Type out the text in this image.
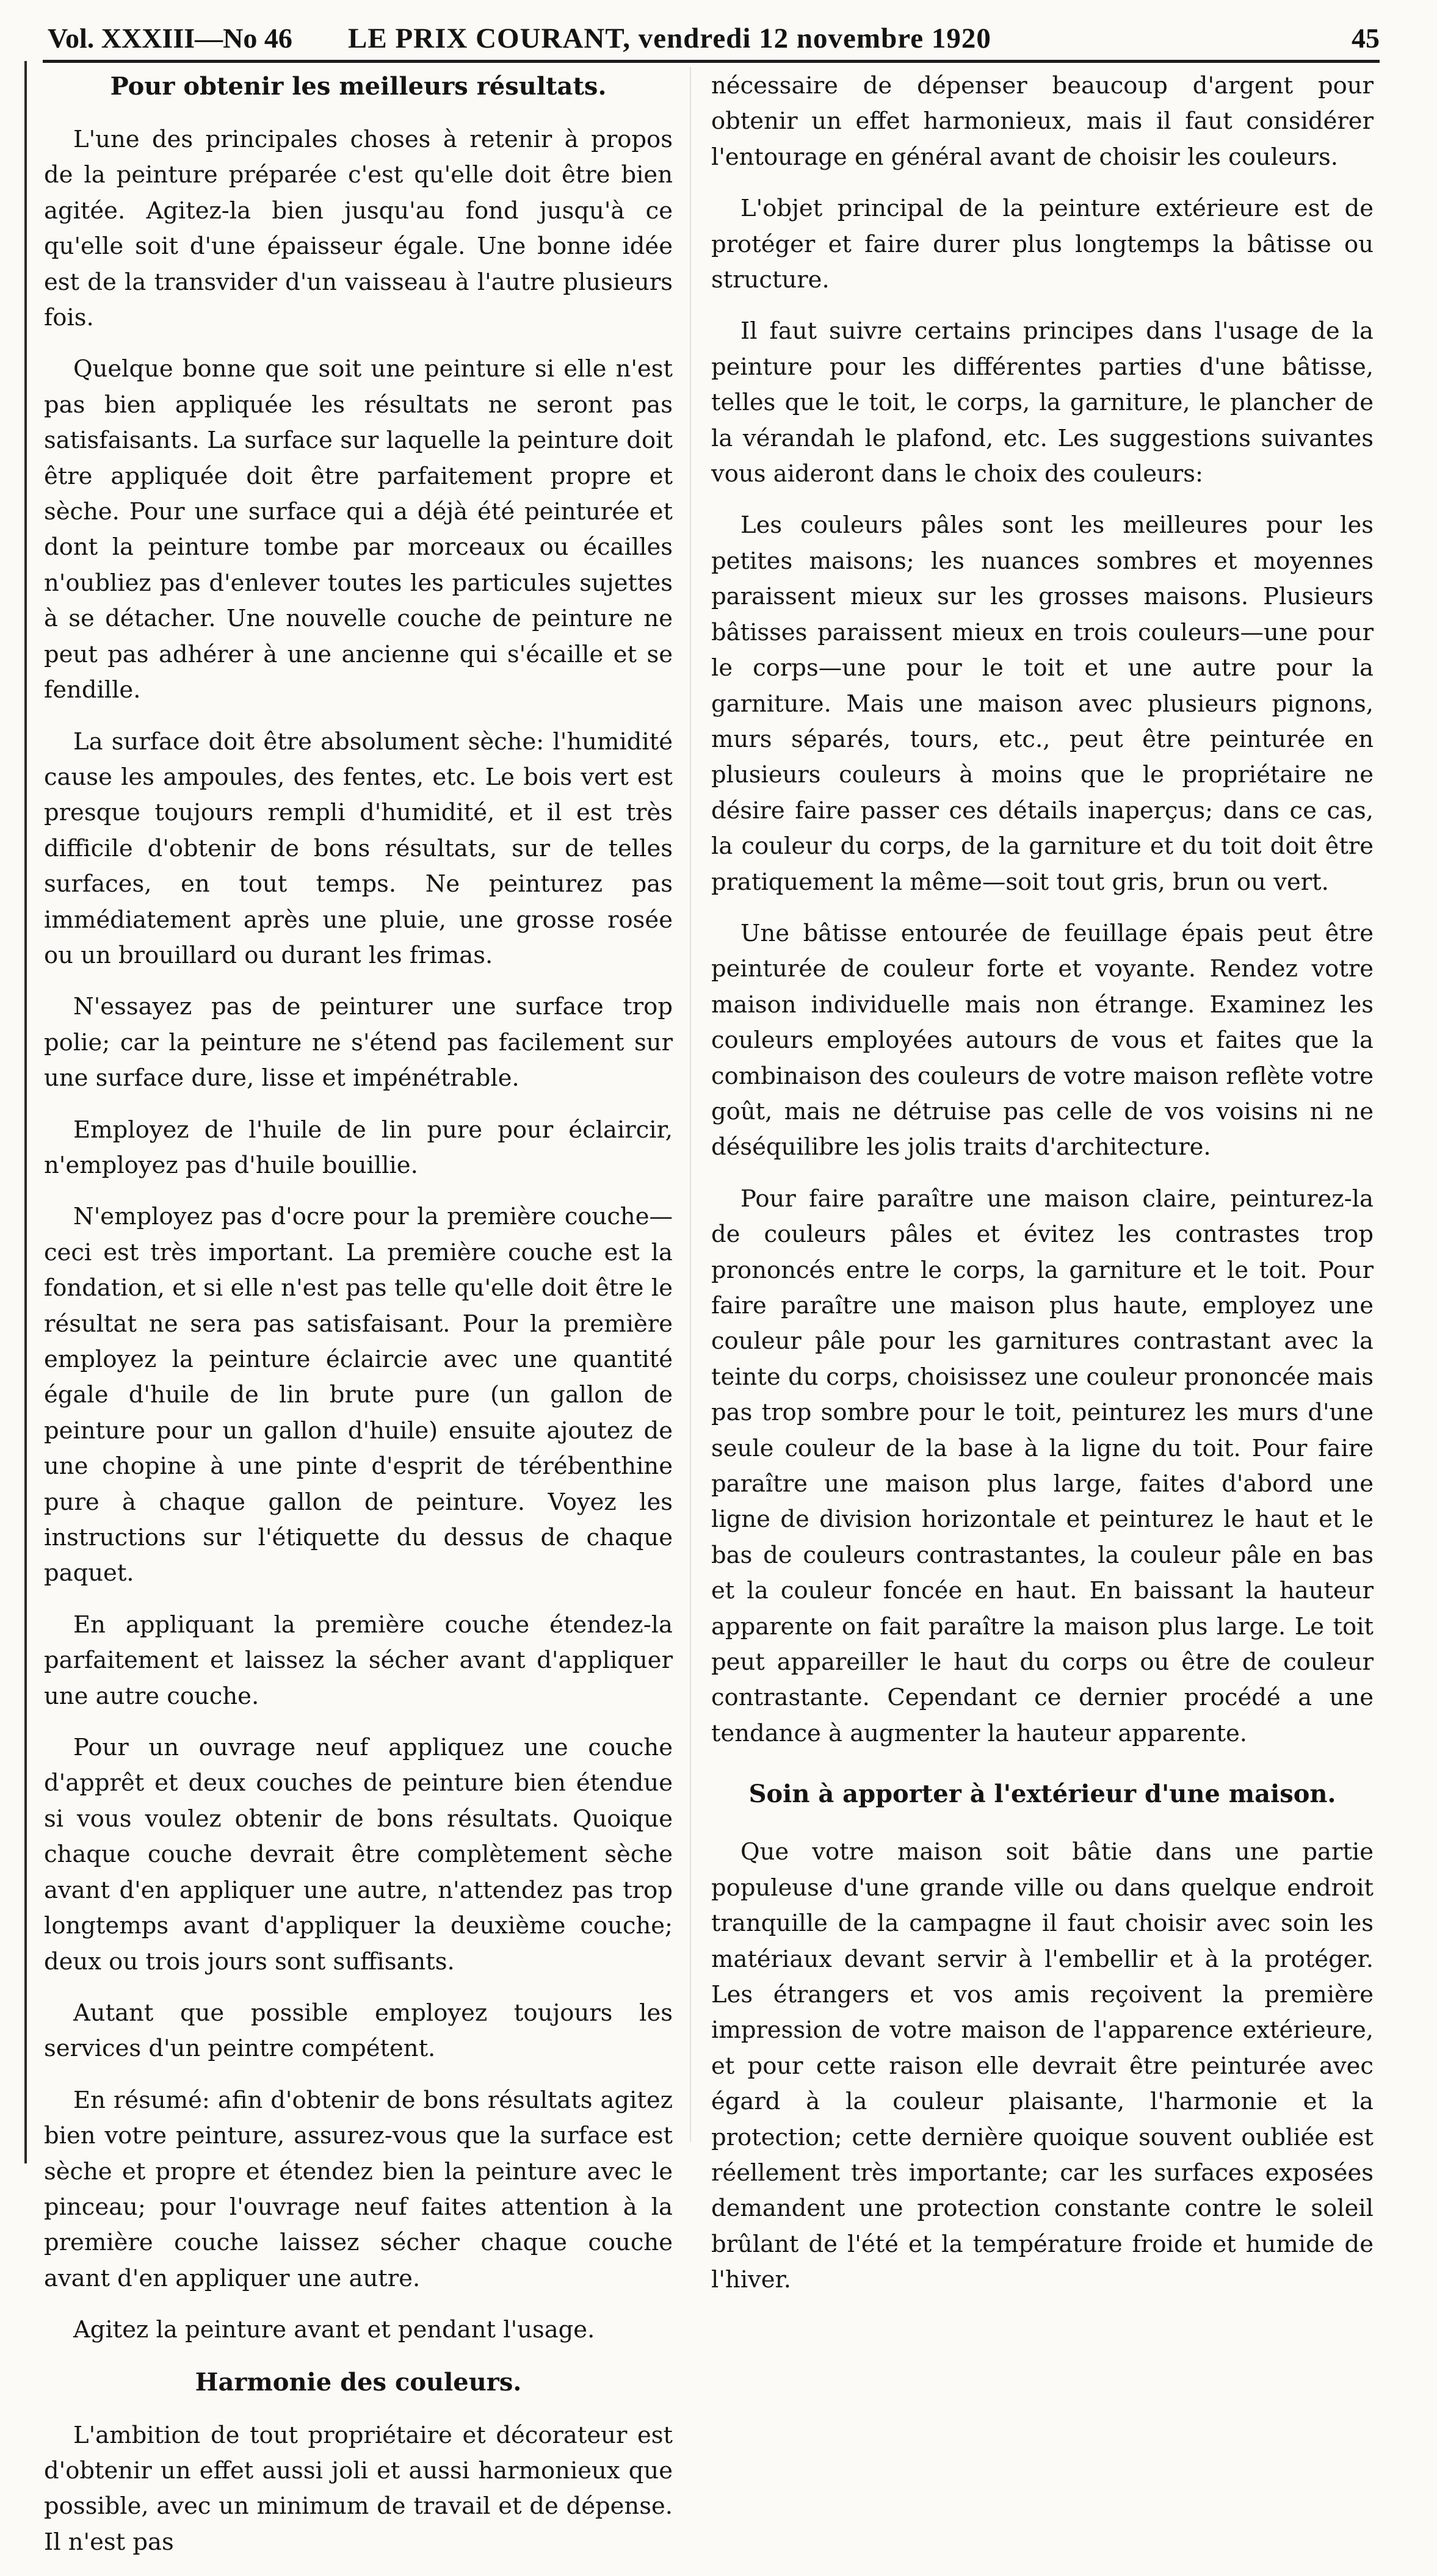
Vol. XXXIII—No 46 LE PRIX COURANT, vendredi 12 novembre 1920	45
Pour obtenir les meilleurs résultats.

L'une des principales choses à retenir à propos de la peinture préparée c'est qu'elle doit être bien agitée. Agitez-la bien jusqu'au fond jusqu'à ce qu'elle soit d'une épaisseur égale. Une bonne idée est de la transvider d'un vaisseau à l'autre plusieurs fois.

Quelque bonne que soit une peinture si elle n'est pas bien appliquée les résultats ne seront pas satisfaisants. La surface sur laquelle la peinture doit être appliquée doit être parfaitement propre et sèche. Pour une surface qui a déjà été peinturée et dont la peinture tombe par morceaux ou écailles n'oubliez pas d'enlever toutes les particules sujettes à se détacher. Une nouvelle couche de peinture ne peut pas adhérer à une ancienne qui s'écaille et se fendille.

La surface doit être absolument sèche: l'humidité cause les ampoules, des fentes, etc. Le bois vert est presque toujours rempli d'humidité, et il est très difficile d'obtenir de bons résultats, sur de telles surfaces, en tout temps. Ne peinturez pas immédiatement après une pluie, une grosse rosée ou un brouillard ou durant les frimas.

N'essayez pas de peinturer une surface trop polie; car la peinture ne s'étend pas facilement sur une surface dure, lisse et impénétrable.

Employez de l'huile de lin pure pour éclaircir, n'employez pas d'huile bouillie.

N'employez pas d'ocre pour la première couche—ceci est très important. La première couche est la fondation, et si elle n'est pas telle qu'elle doit être le résultat ne sera pas satisfaisant. Pour la première employez la peinture éclaircie avec une quantité égale d'huile de lin brute pure (un gallon de peinture pour un gallon d'huile) ensuite ajoutez de une chopine à une pinte d'esprit de térébenthine pure à chaque gallon de peinture. Voyez les instructions sur l'étiquette du dessus de chaque paquet.

En appliquant la première couche étendez-la parfaitement et laissez la sécher avant d'appliquer une autre couche.

Pour un ouvrage neuf appliquez une couche d'apprêt et deux couches de peinture bien étendue si vous voulez obtenir de bons résultats. Quoique chaque couche devrait être complètement sèche avant d'en appliquer une autre, n'attendez pas trop longtemps avant d'appliquer la deuxième couche; deux ou trois jours sont suffisants.

Autant que possible employez toujours les services d'un peintre compétent.

En résumé: afin d'obtenir de bons résultats agitez bien votre peinture, assurez-vous que la surface est sèche et propre et étendez bien la peinture avec le pinceau; pour l'ouvrage neuf faites attention à la première couche laissez sécher chaque couche avant d'en appliquer une autre.

Agitez la peinture avant et pendant l'usage.

Harmonie des couleurs.

L'ambition de tout propriétaire et décorateur est d'obtenir un effet aussi joli et aussi harmonieux que possible, avec un minimum de travail et de dépense. Il n'est pas

nécessaire de dépenser beaucoup d'argent pour obtenir un effet harmonieux, mais il faut considérer l'entourage en général avant de choisir les couleurs.

L'objet principal de la peinture extérieure est de protéger et faire durer plus longtemps la bâtisse ou structure.

Il faut suivre certains principes dans l'usage de la peinture pour les différentes parties d'une bâtisse, telles que le toit, le corps, la garniture, le plancher de la vérandah le plafond, etc. Les suggestions suivantes vous aideront dans le choix des couleurs:

Les couleurs pâles sont les meilleures pour les petites maisons; les nuances sombres et moyennes paraissent mieux sur les grosses maisons. Plusieurs bâtisses paraissent mieux en trois couleurs—une pour le corps—une pour le toit et une autre pour la garniture. Mais une maison avec plusieurs pignons, murs séparés, tours, etc., peut être peinturée en plusieurs couleurs à moins que le propriétaire ne désire faire passer ces détails inaperçus; dans ce cas, la couleur du corps, de la garniture et du toit doit être pratiquement la même—soit tout gris, brun ou vert.

Une bâtisse entourée de feuillage épais peut être peinturée de couleur forte et voyante. Rendez votre maison individuelle mais non étrange. Examinez les couleurs employées autours de vous et faites que la combinaison des couleurs de votre maison reflète votre goût, mais ne détruise pas celle de vos voisins ni ne déséquilibre les jolis traits d'architecture.

Pour faire paraître une maison claire, peinturez-la de couleurs pâles et évitez les contrastes trop prononcés entre le corps, la garniture et le toit. Pour faire paraître une maison plus haute, employez une couleur pâle pour les garnitures contrastant avec la teinte du corps, choisissez une couleur prononcée mais pas trop sombre pour le toit, peinturez les murs d'une seule couleur de la base à la ligne du toit. Pour faire paraître une maison plus large, faites d'abord une ligne de division horizontale et peinturez le haut et le bas de couleurs contrastantes, la couleur pâle en bas et la couleur foncée en haut. En baissant la hauteur apparente on fait paraître la maison plus large. Le toit peut appareiller le haut du corps ou être de couleur contrastante. Cependant ce dernier procédé a une tendance à augmenter la hauteur apparente.

Soin à apporter à l'extérieur d'une maison.

Que votre maison soit bâtie dans une partie populeuse d'une grande ville ou dans quelque endroit tranquille de la campagne il faut choisir avec soin les matériaux devant servir à l'embellir et à la protéger. Les étrangers et vos amis reçoivent la première impression de votre maison de l'apparence extérieure, et pour cette raison elle devrait être peinturée avec égard à la couleur plaisante, l'harmonie et la protection; cette dernière quoique souvent oubliée est réellement très importante; car les surfaces exposées demandent une protection constante contre le soleil brûlant de l'été et la température froide et humide de l'hiver.
